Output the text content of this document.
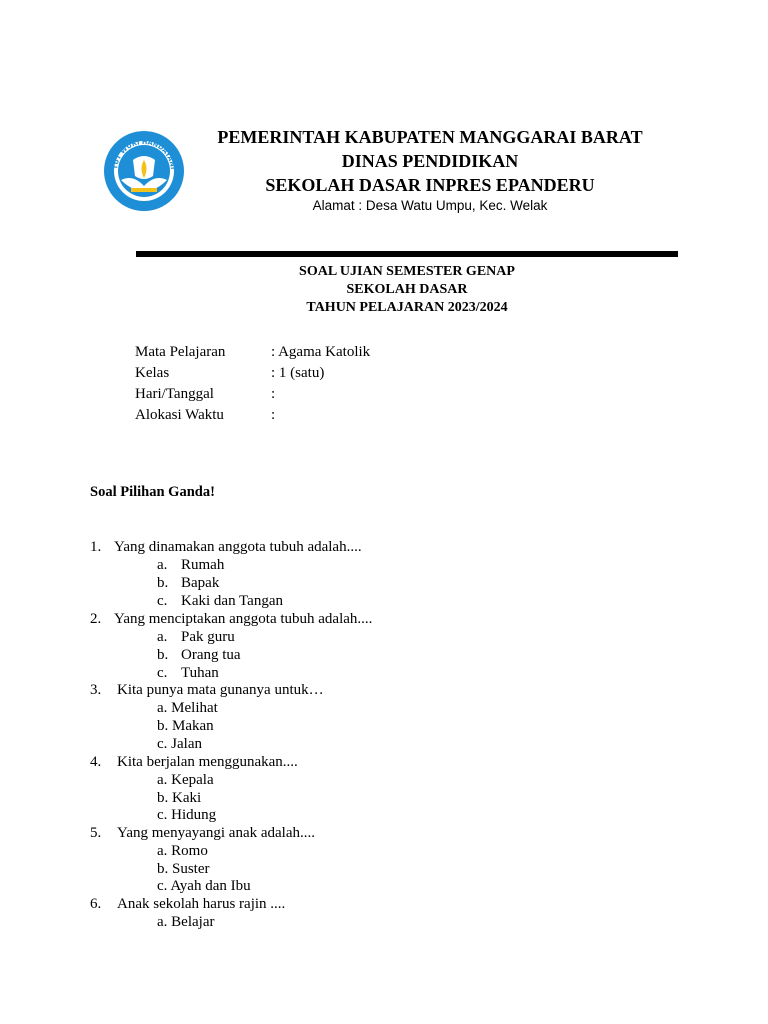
TUT WURI HANDAYANI
PEMERINTAH KABUPATEN MANGGARAI BARAT
DINAS PENDIDIKAN
SEKOLAH DASAR INPRES EPANDERU
Alamat : Desa Watu Umpu, Kec. Welak
SOAL UJIAN SEMESTER GENAP
SEKOLAH DASAR
TAHUN PELAJARAN 2023/2024
Mata Pelajaran	: Agama Katolik
Kelas	: 1 (satu)
Hari/Tanggal	:
Alokasi Waktu	:
Soal Pilihan Ganda!
1. Yang dinamakan anggota tubuh adalah....
a. Rumah
b. Bapak
c. Kaki dan Tangan
2. Yang menciptakan anggota tubuh adalah....
a. Pak guru
b. Orang tua
c. Tuhan
3. Kita punya mata gunanya untuk…
a. Melihat
b. Makan
c. Jalan
4. Kita berjalan menggunakan....
a. Kepala
b. Kaki
c. Hidung
5. Yang menyayangi anak adalah....
a. Romo
b. Suster
c. Ayah dan Ibu
6. Anak sekolah harus rajin ....
a. Belajar
